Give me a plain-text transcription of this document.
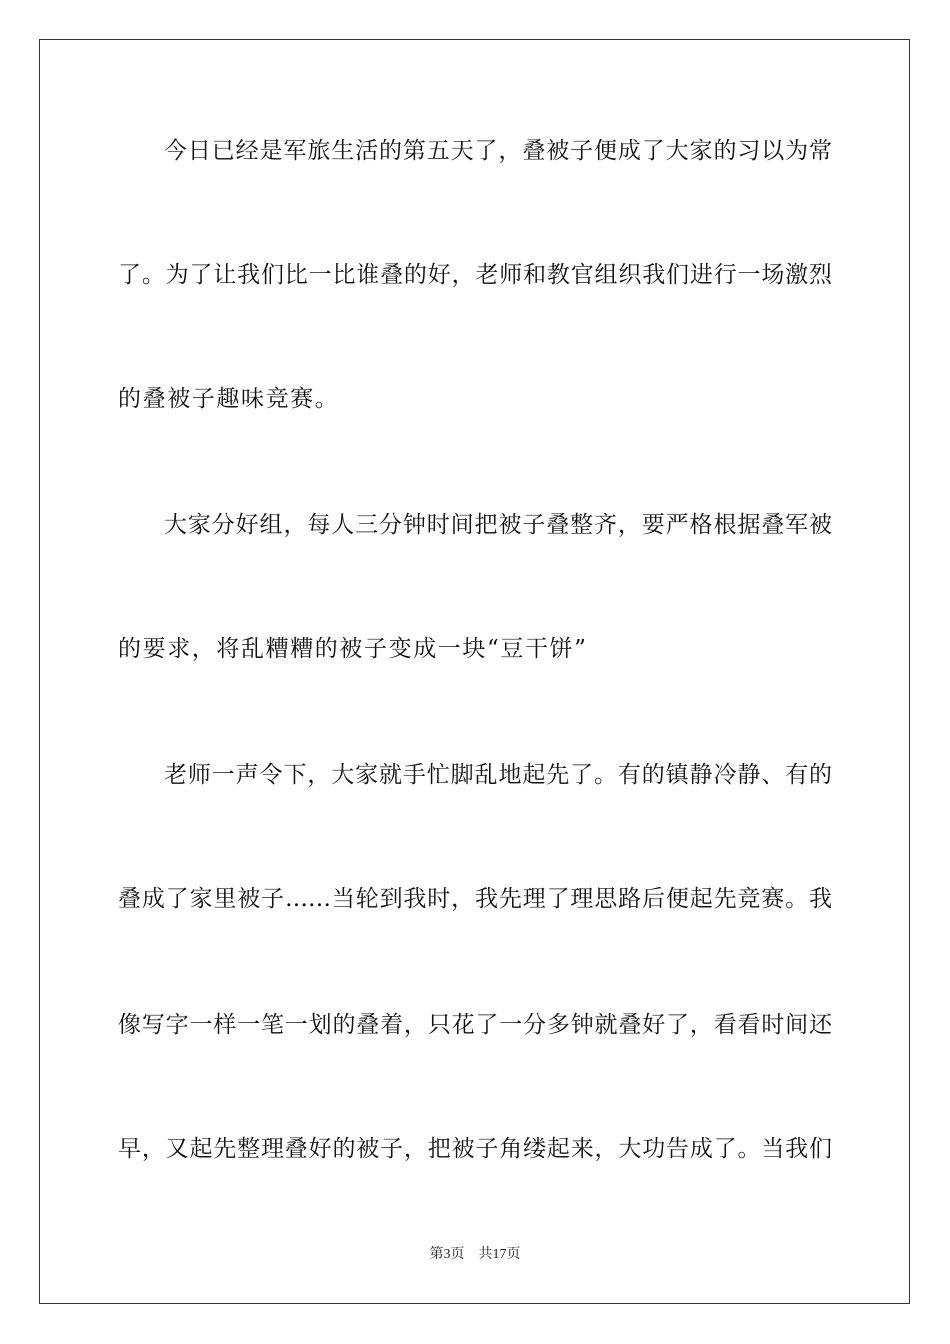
今日已经是军旅生活的第五天了，叠被子便成了大家的习以为常
了。为了让我们比一比谁叠的好，老师和教官组织我们进行一场激烈
的叠被子趣味竞赛。
大家分好组，每人三分钟时间把被子叠整齐，要严格根据叠军被
的要求，将乱糟糟的被子变成一块“豆干饼”
老师一声令下，大家就手忙脚乱地起先了。有的镇静冷静、有的
叠成了家里被子……当轮到我时，我先理了理思路后便起先竞赛。我
像写字一样一笔一划的叠着，只花了一分多钟就叠好了，看看时间还
早，又起先整理叠好的被子，把被子角缕起来，大功告成了。当我们
第3页 共17页
